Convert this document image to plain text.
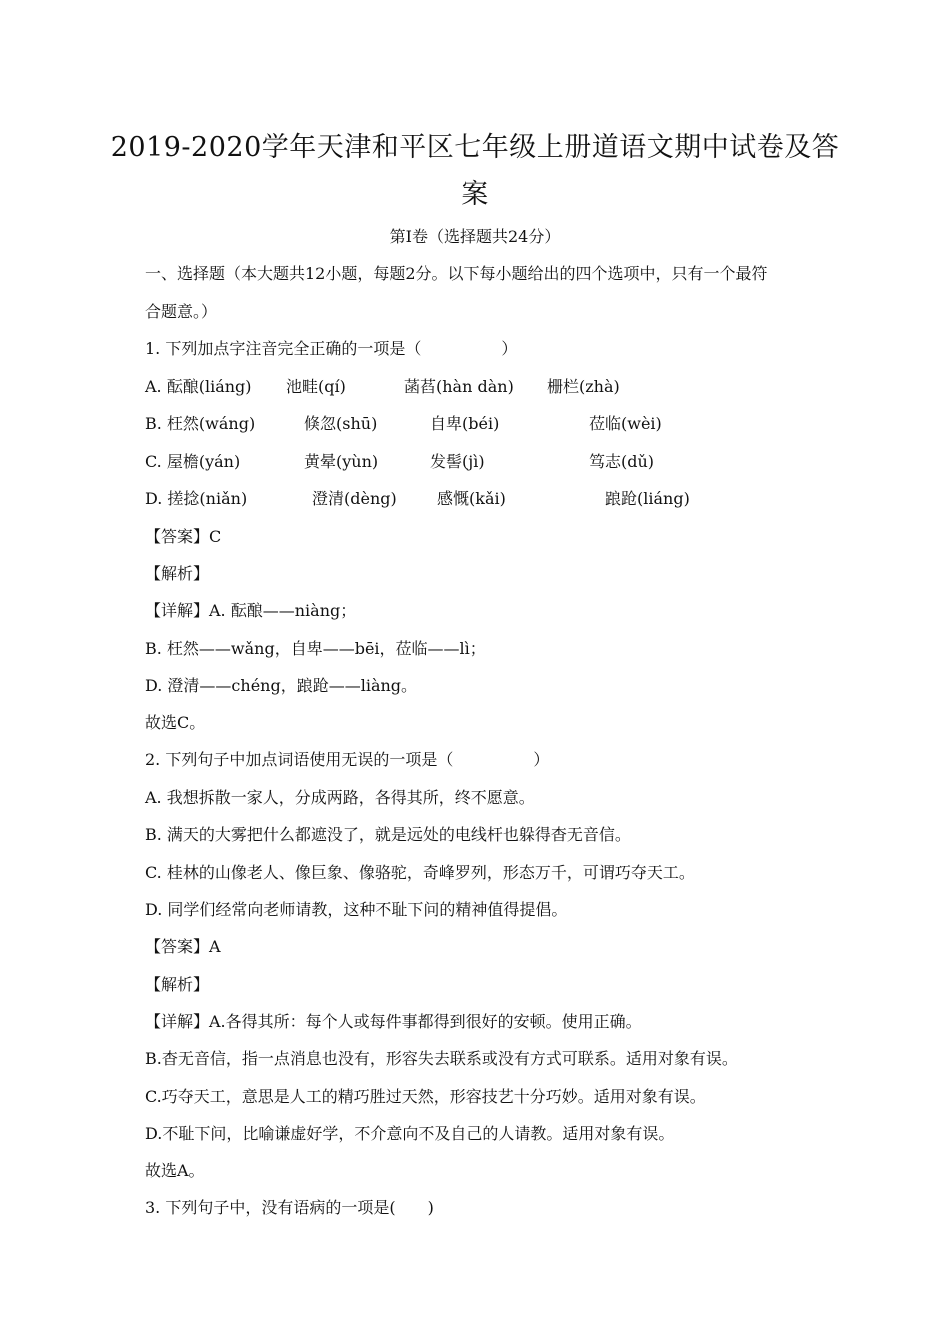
2019-2020学年天津和平区七年级上册道语文期中试卷及答
案
第Ⅰ卷（选择题共24分）
一、选择题（本大题共12小题，每题2分。以下每小题给出的四个选项中，只有一个最符
合题意。）
1. 下列加点字注音完全正确的一项是（　　　　　）
A. 酝酿(liáng) 池畦(qí)	菡萏(hàn dàn) 栅栏(zhà)
B. 枉然(wáng)	倏忽(shū)	自卑(béi)	莅临(wèi)
C. 屋檐(yán)	黄晕(yùn)	发髻(jì)	笃志(dǔ)
D. 搓捻(niǎn)	澄清(dèng)	感慨(kǎi)	踉跄(liáng)
【答案】C
【解析】
【详解】A. 酝酿——niàng；
B. 枉然——wǎng，自卑——bēi，莅临——lì；
D. 澄清——chéng，踉跄——liàng。
故选C。
2. 下列句子中加点词语使用无误的一项是（　　　　　）
A. 我想拆散一家人，分成两路，各得其所，终不愿意。
B. 满天的大雾把什么都遮没了，就是远处的电线杆也躲得杳无音信。
C. 桂林的山像老人、像巨象、像骆驼，奇峰罗列，形态万千，可谓巧夺天工。
D. 同学们经常向老师请教，这种不耻下问的精神值得提倡。
【答案】A
【解析】
【详解】A.各得其所：每个人或每件事都得到很好的安顿。使用正确。
B.杳无音信，指一点消息也没有，形容失去联系或没有方式可联系。适用对象有误。
C.巧夺天工，意思是人工的精巧胜过天然，形容技艺十分巧妙。适用对象有误。
D.不耻下问，比喻谦虚好学，不介意向不及自己的人请教。适用对象有误。
故选A。
3. 下列句子中，没有语病的一项是(　　)
